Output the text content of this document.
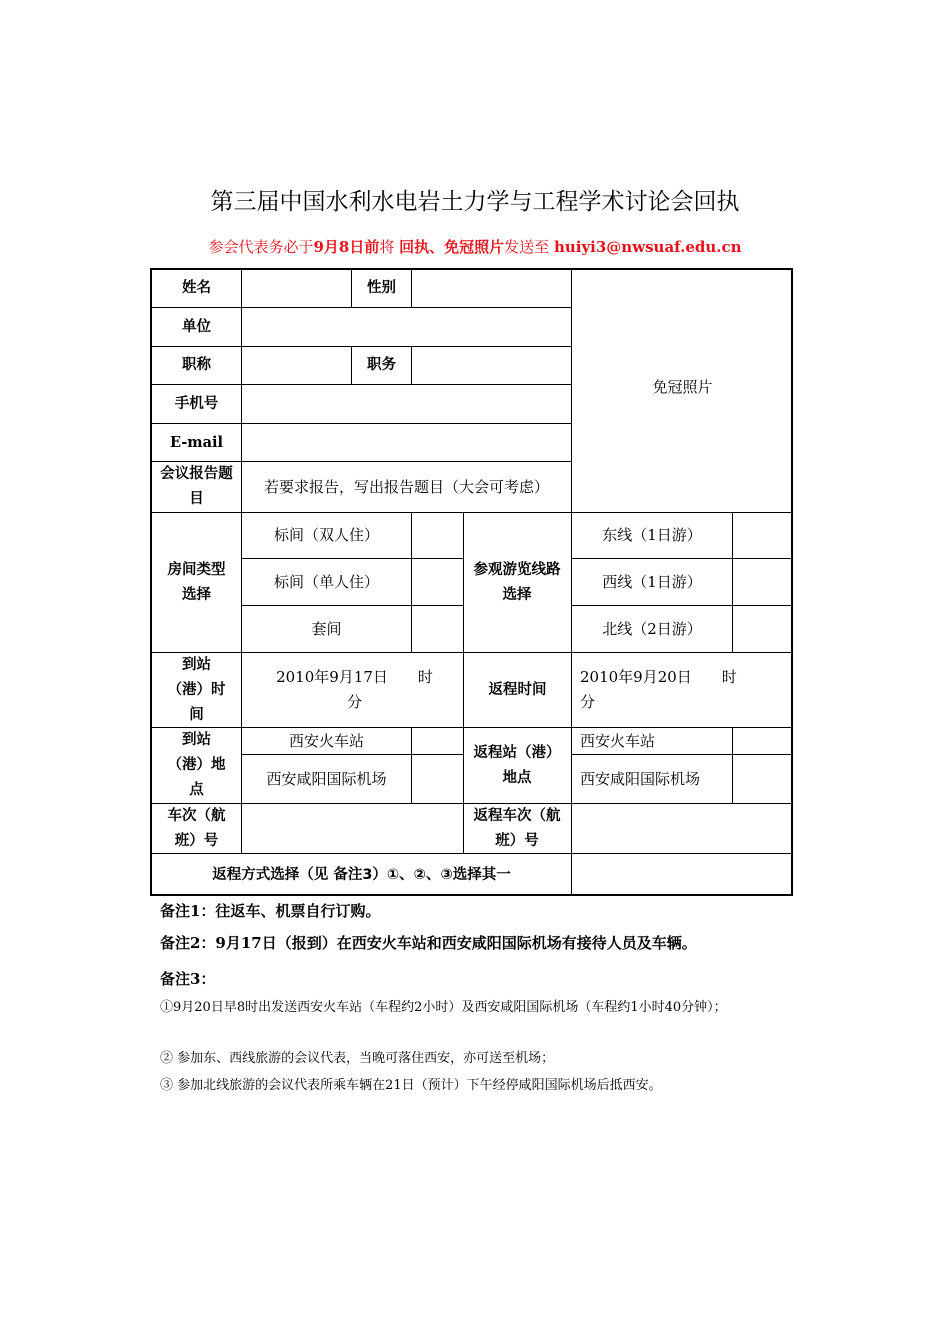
第三届中国水利水电岩土力学与工程学术讨论会回执
参会代表务必于9月8日前将 回执、免冠照片发送至 huiyi3@nwsuaf.edu.cn
姓名	性别
单位
职称	职务
手机号
E-mail
会议报告题目
若要求报告，写出报告题目（大会可考虑）
免冠照片
房间类型选择
标间（双人住）
标间（单人住）
套间
参观游览线路选择
东线（1日游）
西线（1日游）
北线（2日游）
到站（港）时间
2010年9月17日　　时　　分
返程时间
2010年9月20日　　时　　分
到站（港）地点
西安火车站
西安咸阳国际机场
返程站（港）地点
西安火车站
西安咸阳国际机场
车次（航班）号
返程车次（航班）号
返程方式选择（见 备注3）①、②、③选择其一
备注1：往返车、机票自行订购。
备注2：9月17日（报到）在西安火车站和西安咸阳国际机场有接待人员及车辆。
备注3：
①9月20日早8时出发送西安火车站（车程约2小时）及西安咸阳国际机场（车程约1小时40分钟）；
② 参加东、西线旅游的会议代表，当晚可落住西安，亦可送至机场；
③ 参加北线旅游的会议代表所乘车辆在21日（预计）下午经停咸阳国际机场后抵西安。
